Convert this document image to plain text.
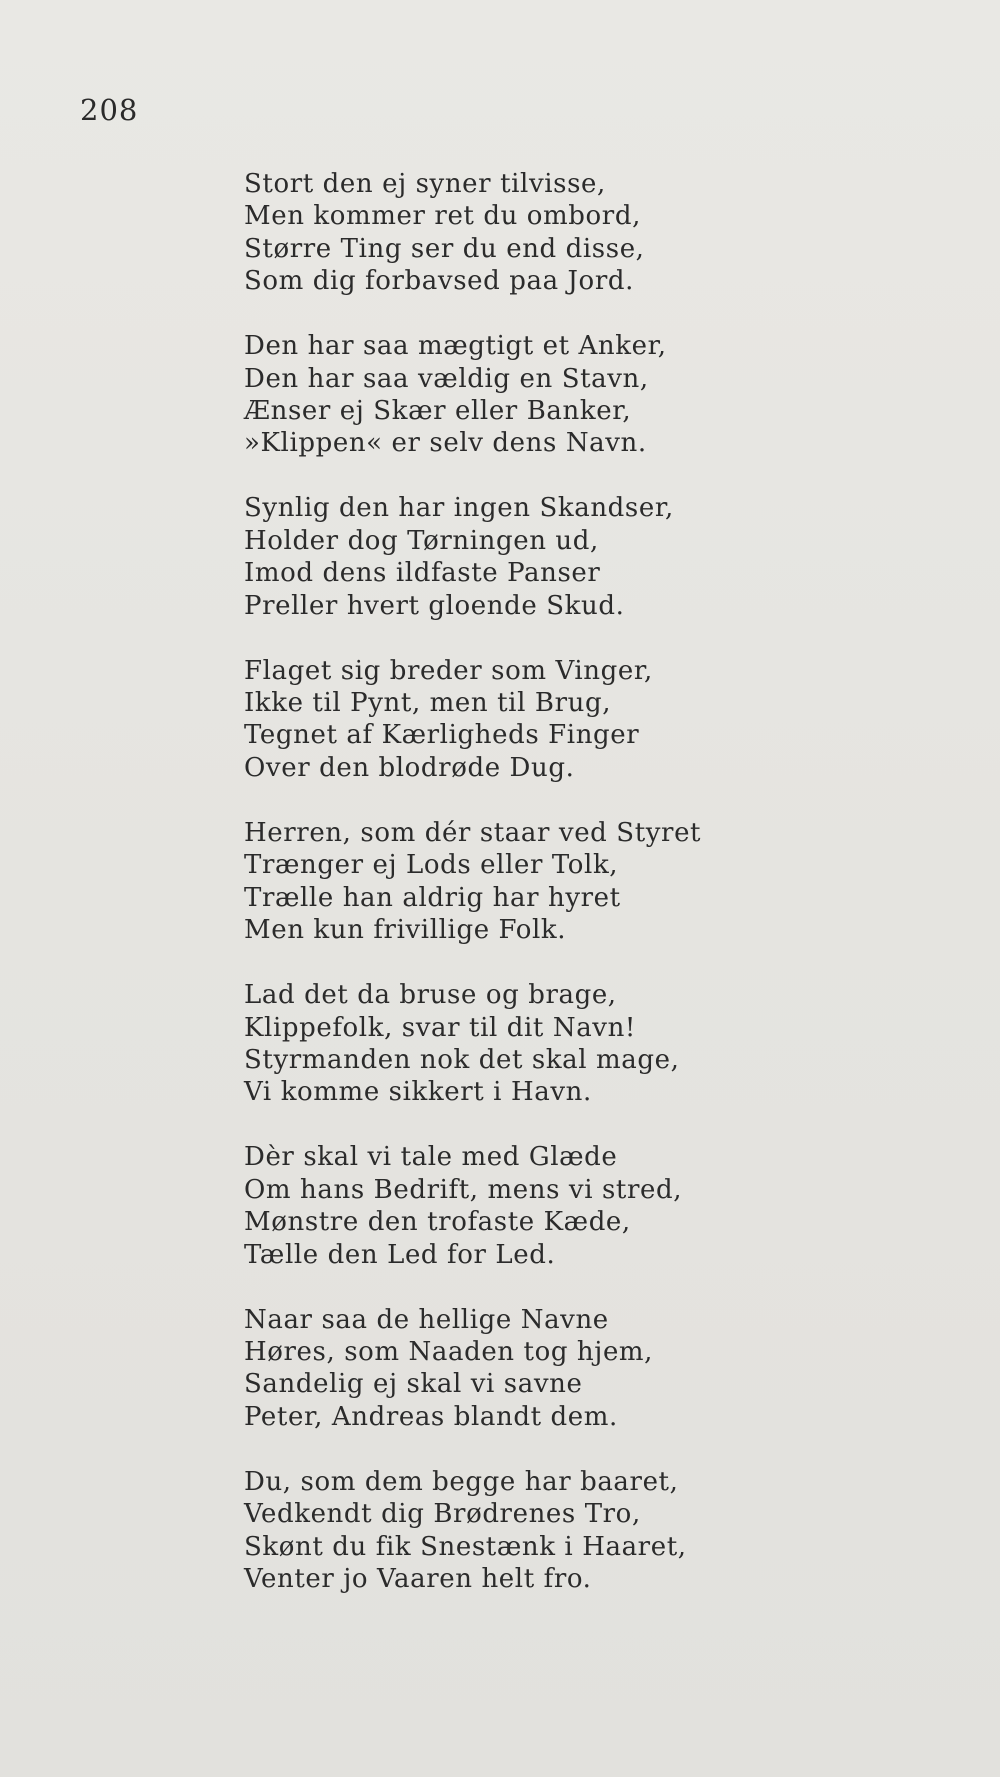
208
Stort den ej syner tilvisse,
Men kommer ret du ombord,
Større Ting ser du end disse,
Som dig forbavsed paa Jord.
Den har saa mægtigt et Anker,
Den har saa vældig en Stavn,
Ænser ej Skær eller Banker,
»Klippen« er selv dens Navn.
Synlig den har ingen Skandser,
Holder dog Tørningen ud,
Imod dens ildfaste Panser
Preller hvert gloende Skud.
Flaget sig breder som Vinger,
Ikke til Pynt, men til Brug,
Tegnet af Kærligheds Finger
Over den blodrøde Dug.
Herren, som dér staar ved Styret
Trænger ej Lods eller Tolk,
Trælle han aldrig har hyret
Men kun frivillige Folk.
Lad det da bruse og brage,
Klippefolk, svar til dit Navn!
Styrmanden nok det skal mage,
Vi komme sikkert i Havn.
Dèr skal vi tale med Glæde
Om hans Bedrift, mens vi stred,
Mønstre den trofaste Kæde,
Tælle den Led for Led.
Naar saa de hellige Navne
Høres, som Naaden tog hjem,
Sandelig ej skal vi savne
Peter, Andreas blandt dem.
Du, som dem begge har baaret,
Vedkendt dig Brødrenes Tro,
Skønt du fik Snestænk i Haaret,
Venter jo Vaaren helt fro.
